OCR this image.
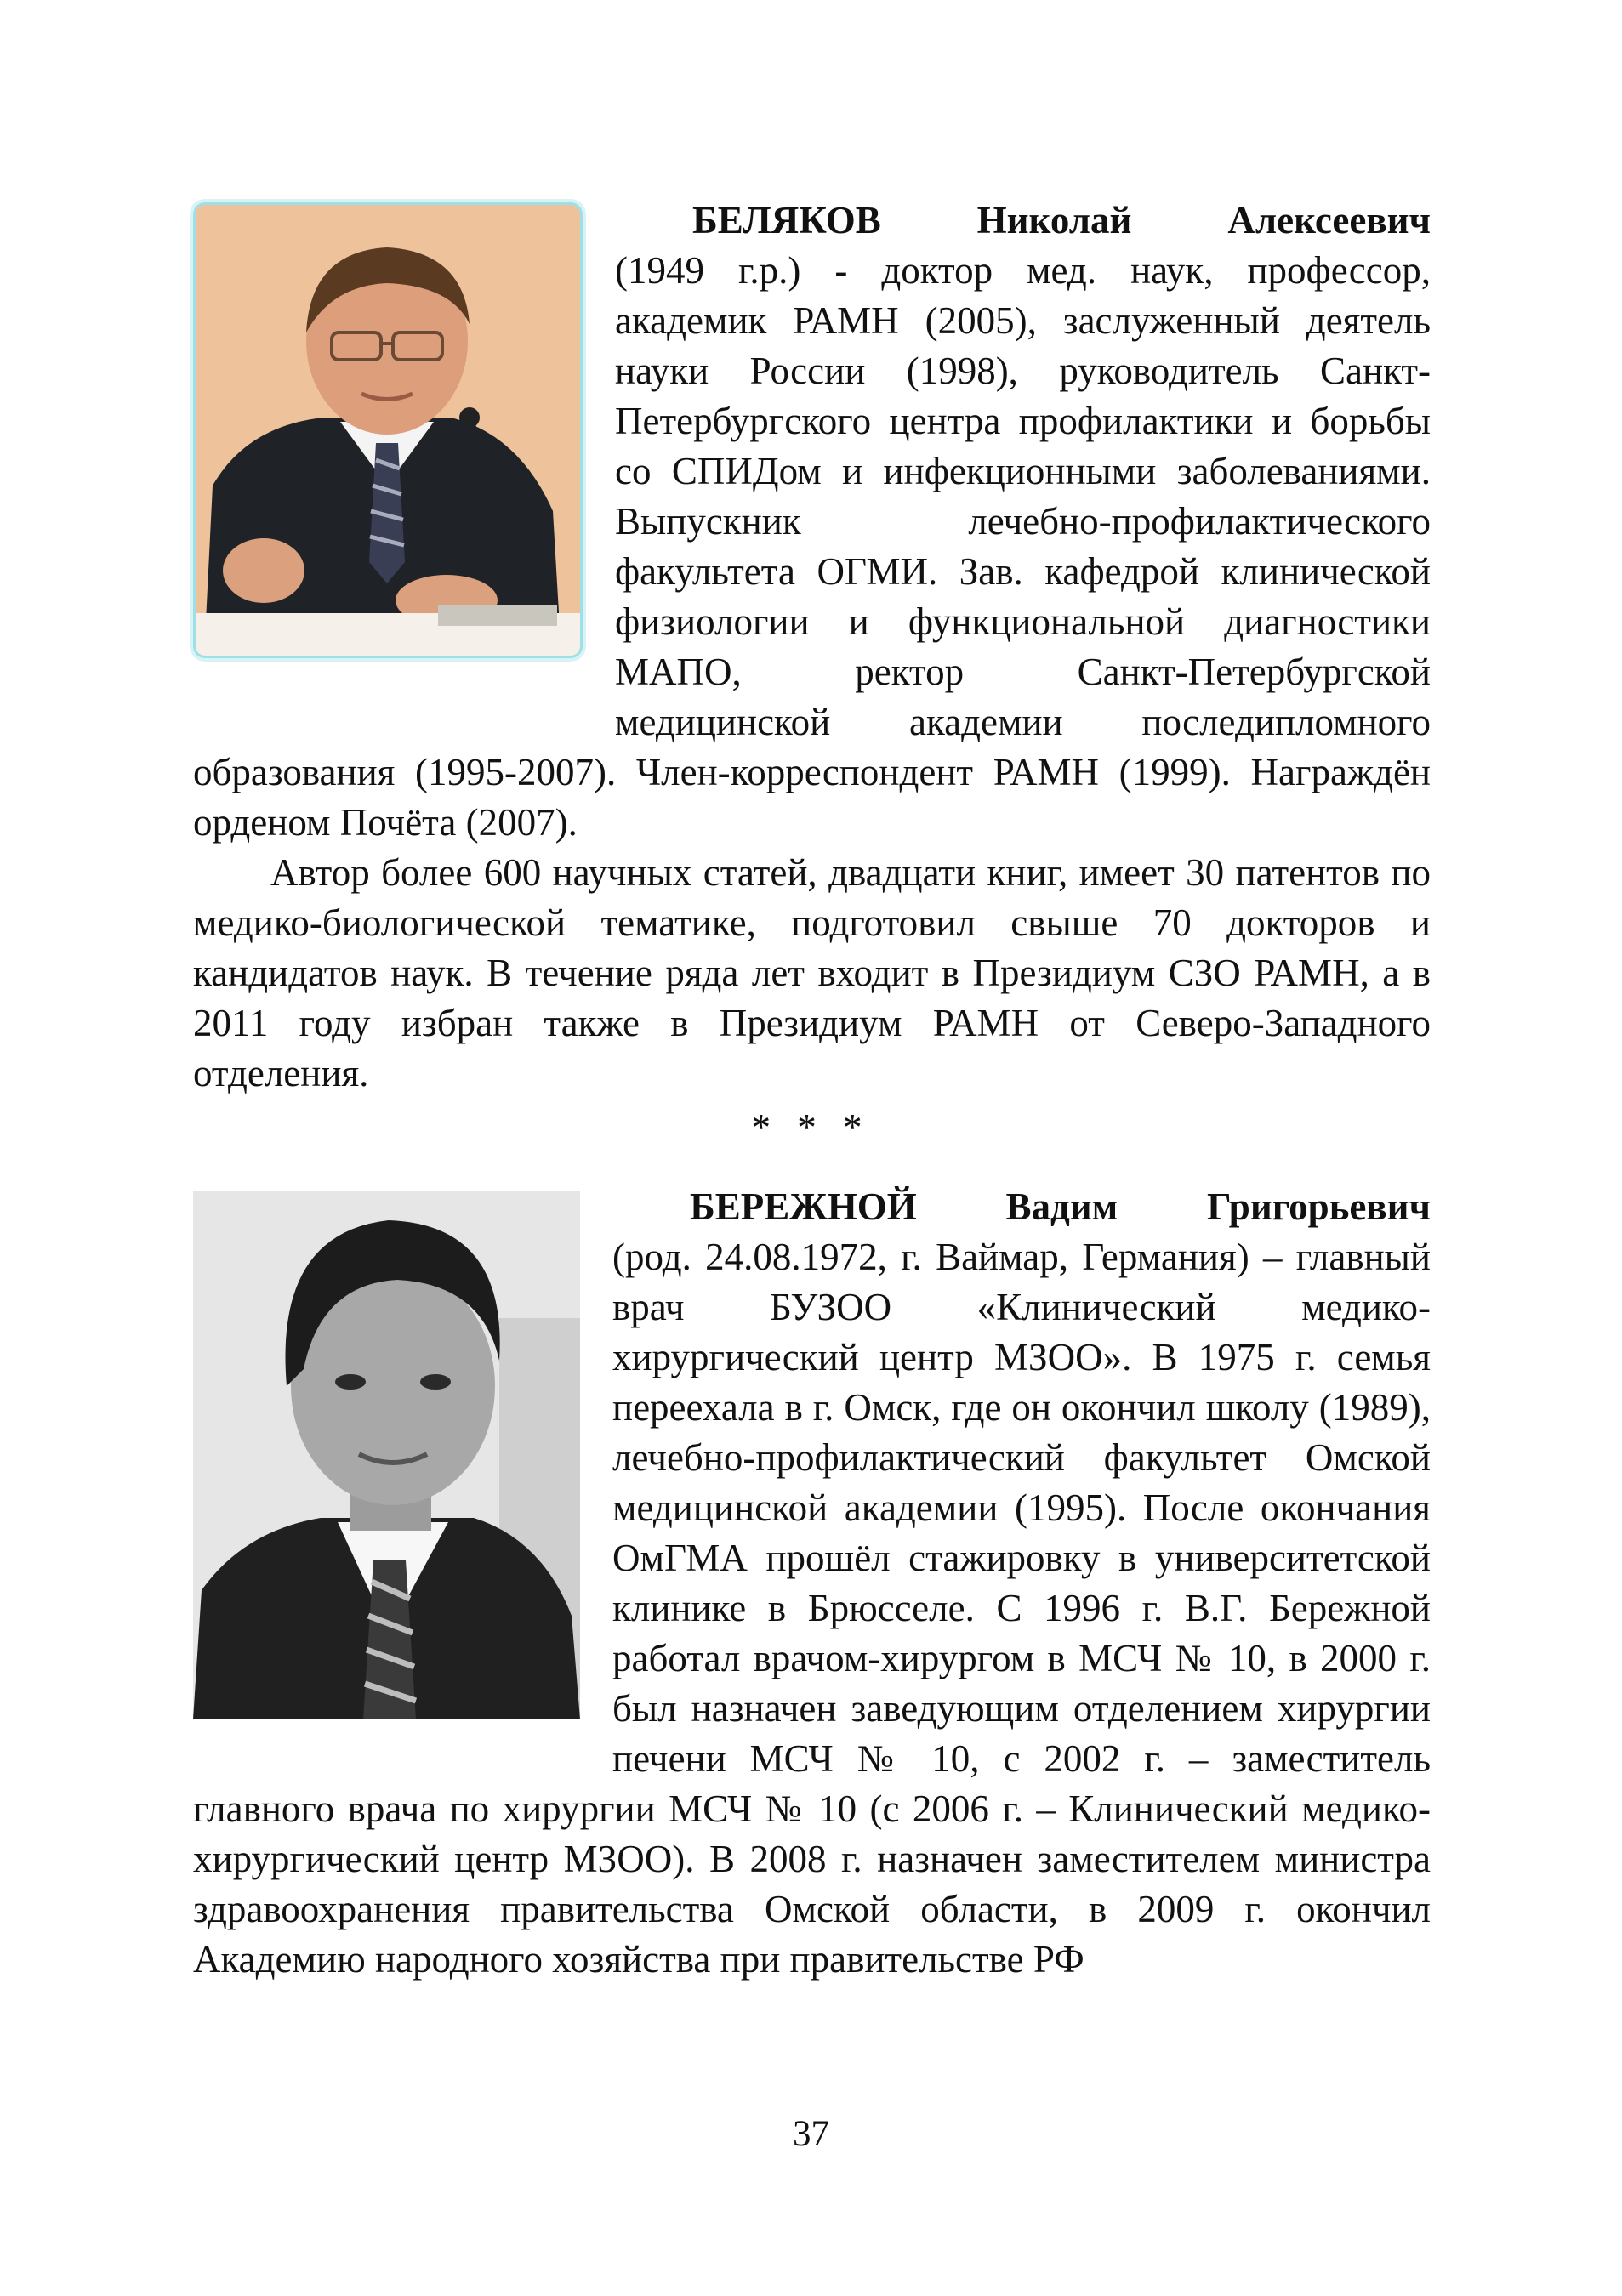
БЕЛЯКОВ	Николай	Алексеевич

(1949 г.р.) - доктор мед. наук, профессор, академик РАМН (2005), заслуженный деятель науки России (1998), руководитель Санкт-Петербургского центра профилактики и борьбы со СПИДом и инфекционными заболеваниями. Выпускник лечебно-профилактического факультета ОГМИ. Зав. кафедрой клинической физиологии и функциональной диагностики МАПО, ректор Санкт-Петербургской медицинской академии последипломного образования (1995-2007). Член-корреспондент РАМН (1999). Награждён орденом Почёта (2007).

Автор более 600 научных статей, двадцати книг, имеет 30 патентов по медико-биологической тематике, подготовил свыше 70 докторов и кандидатов наук. В течение ряда лет входит в Президиум СЗО РАМН, а в 2011 году избран также в Президиум РАМН от Северо-Западного отделения.

* * *
БЕРЕЖНОЙ Вадим Григорьевич

(род. 24.08.1972, г. Ваймар, Германия) – главный врач БУЗОО «Клинический медико-хирургический центр МЗОО». В 1975 г. семья переехала в г. Омск, где он окончил школу (1989), лечебно-профилактический факультет Омской медицинской академии (1995). После окончания ОмГМА прошёл стажировку в университетской клинике в Брюсселе. С 1996 г. В.Г. Бережной работал врачом-хирургом в МСЧ № 10, в 2000 г. был назначен заведующим отделением хирургии печени МСЧ № 10, с 2002 г. – заместитель главного врача по хирургии МСЧ № 10 (с 2006 г. – Клинический медико-хирургический центр МЗОО). В 2008 г. назначен заместителем министра здравоохранения правительства Омской области, в 2009 г. окончил Академию народного хозяйства при правительстве РФ

37
